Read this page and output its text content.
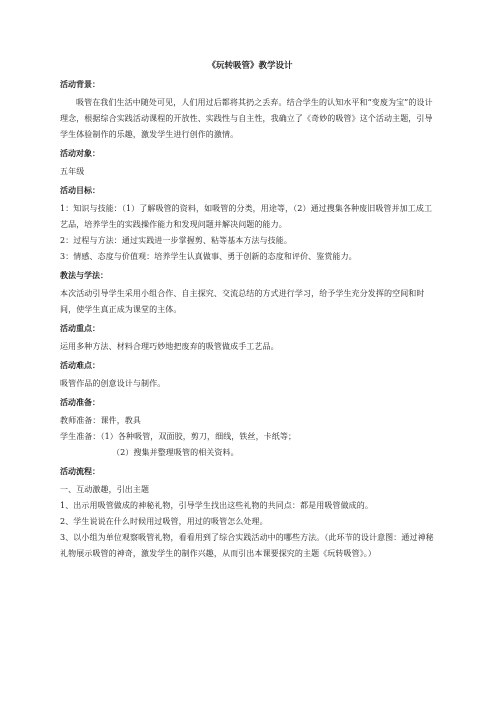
《玩转吸管》教学设计
活动背景：
吸管在我们生活中随处可见，人们用过后都将其扔之丢弃。结合学生的认知水平和“变废为宝”的设计理念，根据综合实践活动课程的开放性、实践性与自主性，我确立了《奇妙的吸管》这个活动主题，引导学生体验制作的乐趣，激发学生进行创作的激情。
活动对象：
五年级
活动目标：
1：知识与技能：（1）了解吸管的资料，如吸管的分类，用途等，（2）通过搜集各种废旧吸管并加工成工艺品，培养学生的实践操作能力和发现问题并解决问题的能力。
2：过程与方法：通过实践进一步掌握剪、粘等基本方法与技能。
3：情感、态度与价值观：培养学生认真做事、勇于创新的态度和评价、鉴赏能力。
教法与学法：
本次活动引导学生采用小组合作、自主探究、交流总结的方式进行学习，给予学生充分发挥的空间和时间，使学生真正成为课堂的主体。
活动重点：
运用多种方法、材料合理巧妙地把废弃的吸管做成手工艺品。
活动难点：
吸管作品的创意设计与制作。
活动准备：
教师准备：课件，教具
学生准备：（1）各种吸管，双面胶，剪刀，细线，铁丝，卡纸等；
（2）搜集并整理吸管的相关资料。
活动流程：
一、互动激趣，引出主题
1、出示用吸管做成的神秘礼物，引导学生找出这些礼物的共同点：都是用吸管做成的。
2、学生说说在什么时候用过吸管，用过的吸管怎么处理。
3、以小组为单位观察吸管礼物，看看用到了综合实践活动中的哪些方法。（此环节的设计意图：通过神秘礼物展示吸管的神奇，激发学生的制作兴趣，从而引出本课要探究的主题《玩转吸管》。）
